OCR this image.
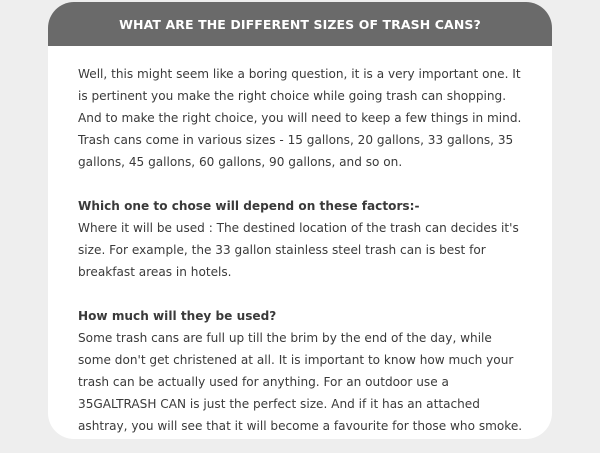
WHAT ARE THE DIFFERENT SIZES OF TRASH CANS?

Well, this might seem like a boring question, it is a very important one. It is pertinent you make the right choice while going trash can shopping. And to make the right choice, you will need to keep a few things in mind. Trash cans come in various sizes - 15 gallons, 20 gallons, 33 gallons, 35 gallons, 45 gallons, 60 gallons, 90 gallons, and so on.

Which one to chose will depend on these factors:-

Where it will be used : The destined location of the trash can decides it's size. For example, the 33 gallon stainless steel trash can is best for breakfast areas in hotels.

How much will they be used?

Some trash cans are full up till the brim by the end of the day, while some don't get christened at all. It is important to know how much your trash can be actually used for anything. For an outdoor use a 35GALTRASH CAN is just the perfect size. And if it has an attached ashtray, you will see that it will become a favourite for those who smoke.
